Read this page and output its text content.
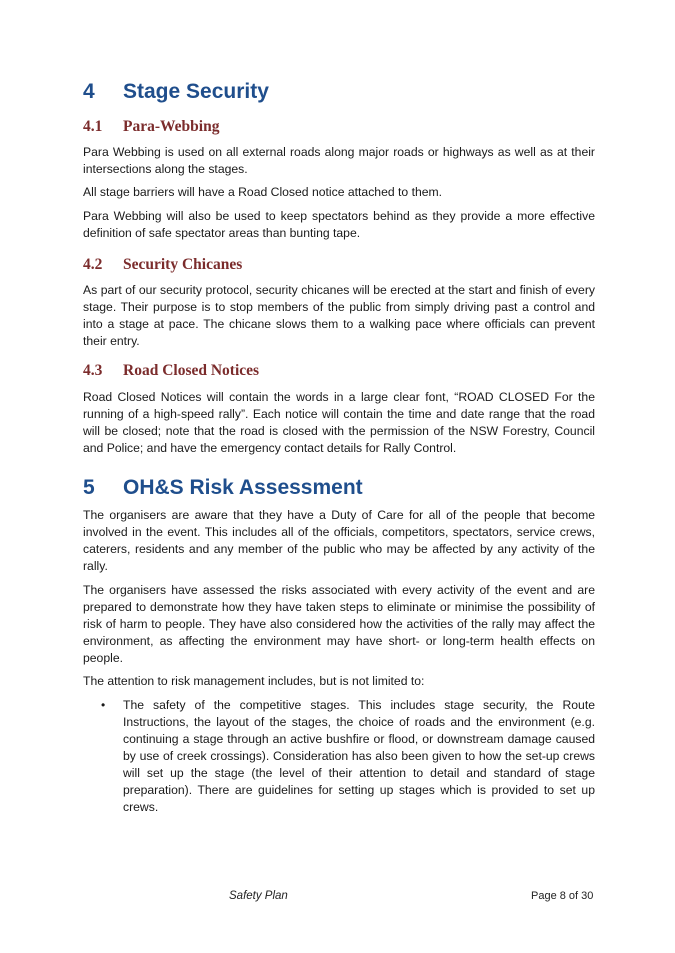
4 Stage Security
4.1 Para-Webbing

Para Webbing is used on all external roads along major roads or highways as well as at their intersections along the stages.

All stage barriers will have a Road Closed notice attached to them.

Para Webbing will also be used to keep spectators behind as they provide a more effective definition of safe spectator areas than bunting tape.

4.2 Security Chicanes

As part of our security protocol, security chicanes will be erected at the start and finish of every stage. Their purpose is to stop members of the public from simply driving past a control and into a stage at pace. The chicane slows them to a walking pace where officials can prevent their entry.

4.3 Road Closed Notices

Road Closed Notices will contain the words in a large clear font, “ROAD CLOSED For the running of a high-speed rally”. Each notice will contain the time and date range that the road will be closed; note that the road is closed with the permission of the NSW Forestry, Council and Police; and have the emergency contact details for Rally Control.

5 OH&S Risk Assessment

The organisers are aware that they have a Duty of Care for all of the people that become involved in the event. This includes all of the officials, competitors, spectators, service crews, caterers, residents and any member of the public who may be affected by any activity of the rally.

The organisers have assessed the risks associated with every activity of the event and are prepared to demonstrate how they have taken steps to eliminate or minimise the possibility of risk of harm to people. They have also considered how the activities of the rally may affect the environment, as affecting the environment may have short- or long-term health effects on people.

The attention to risk management includes, but is not limited to:

• The safety of the competitive stages. This includes stage security, the Route Instructions, the layout of the stages, the choice of roads and the environment (e.g. continuing a stage through an active bushfire or flood, or downstream damage caused by use of creek crossings). Consideration has also been given to how the set-up crews will set up the stage (the level of their attention to detail and standard of stage preparation). There are guidelines for setting up stages which is provided to set up crews.

Safety Plan	Page 8 of 30
